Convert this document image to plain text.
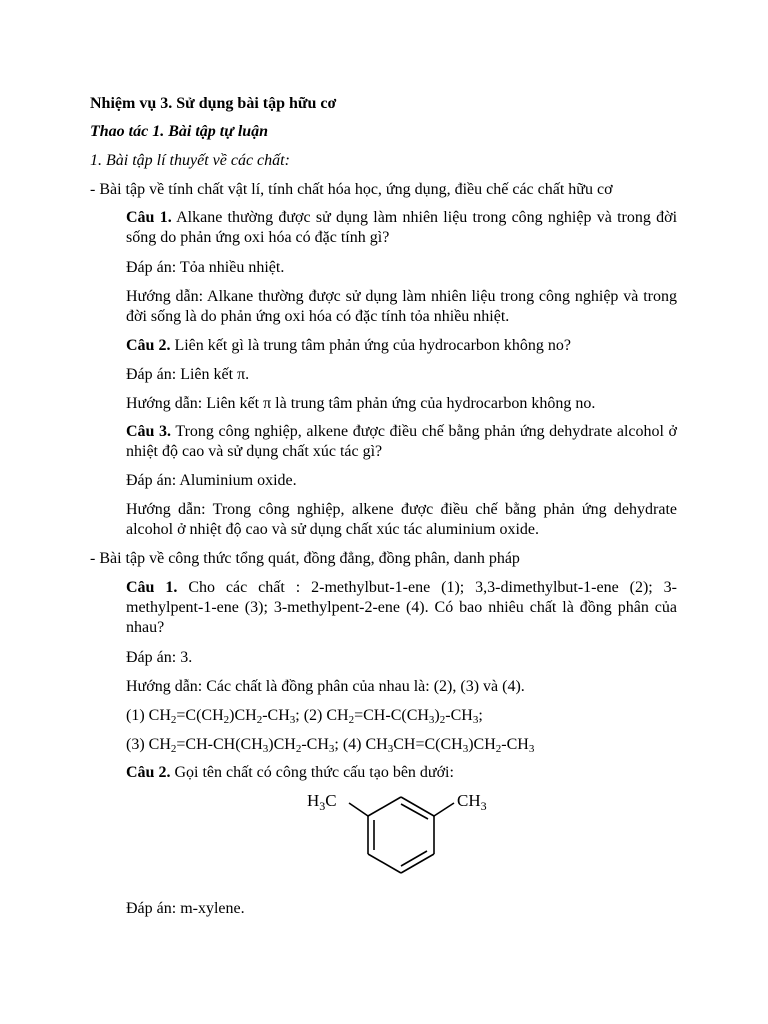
Nhiệm vụ 3. Sử dụng bài tập hữu cơ
Thao tác 1. Bài tập tự luận
1. Bài tập lí thuyết về các chất:
- Bài tập về tính chất vật lí, tính chất hóa học, ứng dụng, điều chế các chất hữu cơ
Câu 1. Alkane thường được sử dụng làm nhiên liệu trong công nghiệp và trong đời sống do phản ứng oxi hóa có đặc tính gì?
Đáp án: Tỏa nhiều nhiệt.
Hướng dẫn: Alkane thường được sử dụng làm nhiên liệu trong công nghiệp và trong đời sống là do phản ứng oxi hóa có đặc tính tỏa nhiều nhiệt.
Câu 2. Liên kết gì là trung tâm phản ứng của hydrocarbon không no?
Đáp án: Liên kết π.
Hướng dẫn: Liên kết π là trung tâm phản ứng của hydrocarbon không no.
Câu 3. Trong công nghiệp, alkene được điều chế bằng phản ứng dehydrate alcohol ở nhiệt độ cao và sử dụng chất xúc tác gì?
Đáp án: Aluminium oxide.
Hướng dẫn: Trong công nghiệp, alkene được điều chế bằng phản ứng dehydrate alcohol ở nhiệt độ cao và sử dụng chất xúc tác aluminium oxide.
- Bài tập về công thức tổng quát, đồng đẳng, đồng phân, danh pháp
Câu 1. Cho các chất : 2-methylbut-1-ene (1); 3,3-dimethylbut-1-ene (2); 3-methylpent-1-ene (3); 3-methylpent-2-ene (4). Có bao nhiêu chất là đồng phân của nhau?
Đáp án: 3.
Hướng dẫn: Các chất là đồng phân của nhau là: (2), (3) và (4).
(1) $CH_2=C(CH_2)CH_2-CH_3$; (2) $CH_2=CH-C(CH_3)_2-CH_3$;
(3) $CH_2=CH-CH(CH_3)CH_2-CH_3$; (4) $CH_3CH=C(CH_3)CH_2-CH_3$
Câu 2. Gọi tên chất có công thức cấu tạo bên dưới:
$H_3C$	$CH_3$
Đáp án: m-xylene.
